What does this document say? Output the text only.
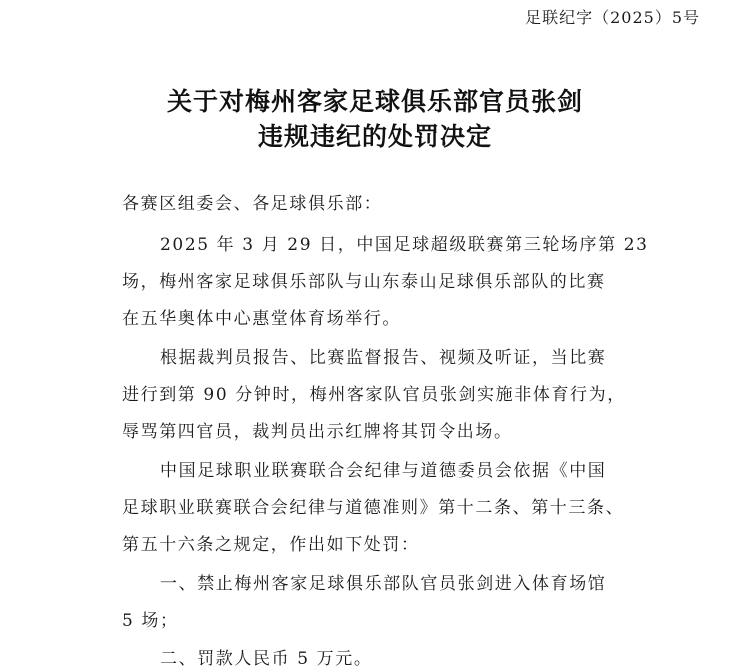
足联纪字（2025）5号
关于对梅州客家足球俱乐部官员张剑
违规违纪的处罚决定
各赛区组委会、各足球俱乐部：
2025 年 3 月 29 日，中国足球超级联赛第三轮场序第 23
场，梅州客家足球俱乐部队与山东泰山足球俱乐部队的比赛
在五华奥体中心惠堂体育场举行。
根据裁判员报告、比赛监督报告、视频及听证，当比赛
进行到第 90 分钟时，梅州客家队官员张剑实施非体育行为，
辱骂第四官员，裁判员出示红牌将其罚令出场。
中国足球职业联赛联合会纪律与道德委员会依据《中国
足球职业联赛联合会纪律与道德准则》第十二条、第十三条、
第五十六条之规定，作出如下处罚：
一、禁止梅州客家足球俱乐部队官员张剑进入体育场馆
5 场；
二、罚款人民币 5 万元。
